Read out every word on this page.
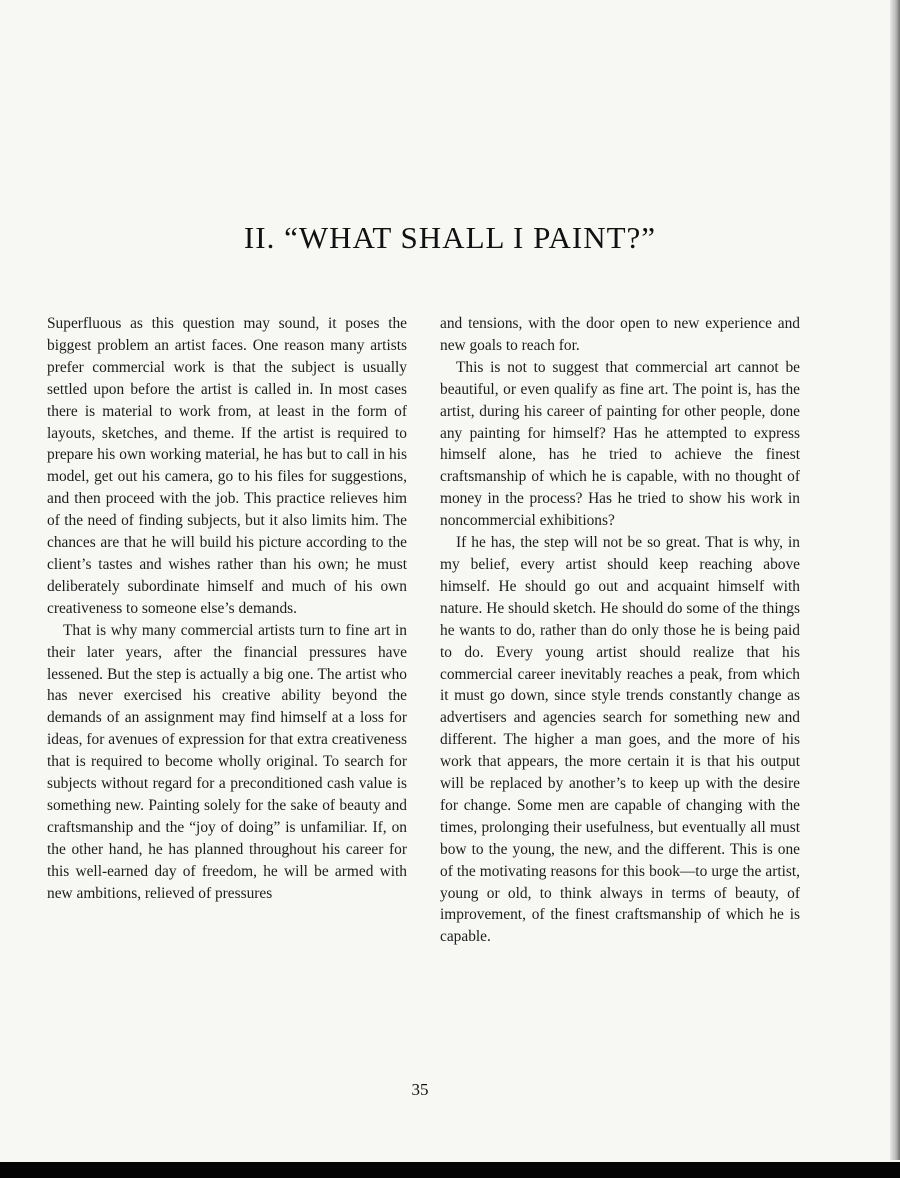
II. “WHAT SHALL I PAINT?”

Superfluous as this question may sound, it poses the biggest problem an artist faces. One reason many artists prefer commercial work is that the subject is usually settled upon before the artist is called in. In most cases there is material to work from, at least in the form of layouts, sketches, and theme. If the artist is required to prepare his own working material, he has but to call in his model, get out his camera, go to his files for suggestions, and then proceed with the job. This practice relieves him of the need of finding subjects, but it also limits him. The chances are that he will build his picture according to the client’s tastes and wishes rather than his own; he must deliberately subordinate himself and much of his own creativeness to someone else’s demands.

That is why many commercial artists turn to fine art in their later years, after the financial pressures have lessened. But the step is actually a big one. The artist who has never exercised his creative ability beyond the demands of an assignment may find himself at a loss for ideas, for avenues of expression for that extra creativeness that is required to become wholly original. To search for subjects without regard for a preconditioned cash value is something new. Painting solely for the sake of beauty and craftsmanship and the “joy of doing” is unfamiliar. If, on the other hand, he has planned throughout his career for this well-earned day of freedom, he will be armed with new ambitions, relieved of pressures

and tensions, with the door open to new experience and new goals to reach for.

This is not to suggest that commercial art cannot be beautiful, or even qualify as fine art. The point is, has the artist, during his career of painting for other people, done any painting for himself? Has he attempted to express himself alone, has he tried to achieve the finest craftsmanship of which he is capable, with no thought of money in the process? Has he tried to show his work in noncommercial exhibitions?

If he has, the step will not be so great. That is why, in my belief, every artist should keep reaching above himself. He should go out and acquaint himself with nature. He should sketch. He should do some of the things he wants to do, rather than do only those he is being paid to do. Every young artist should realize that his commercial career inevitably reaches a peak, from which it must go down, since style trends constantly change as advertisers and agencies search for something new and different. The higher a man goes, and the more of his work that appears, the more certain it is that his output will be replaced by another’s to keep up with the desire for change. Some men are capable of changing with the times, prolonging their usefulness, but eventually all must bow to the young, the new, and the different. This is one of the motivating reasons for this book—to urge the artist, young or old, to think always in terms of beauty, of improvement, of the finest craftsmanship of which he is capable.

35
